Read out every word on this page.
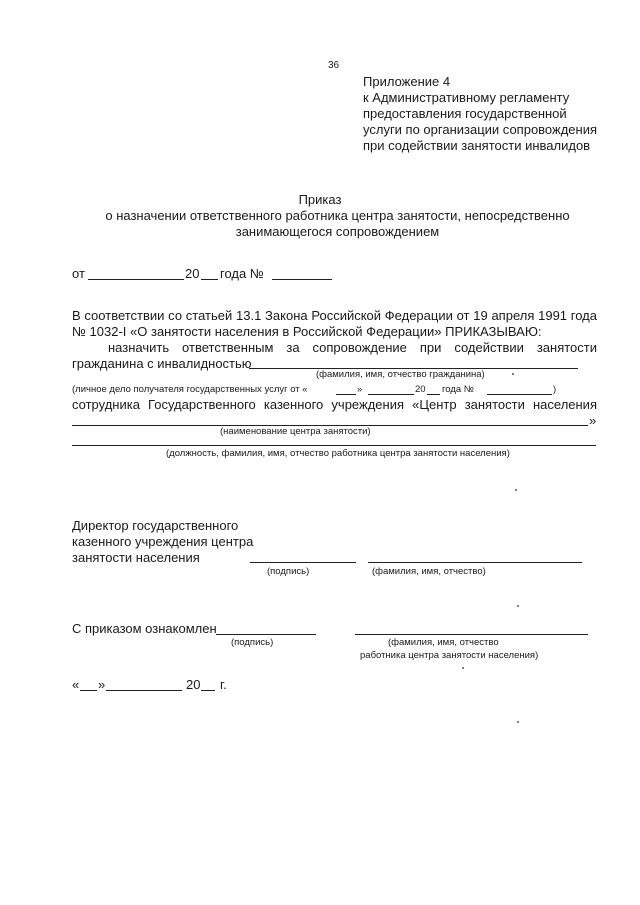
36
Приложение 4
к Административному регламенту
предоставления государственной
услуги по организации сопровождения
при содействии занятости инвалидов
Приказ
о назначении ответственного работника центра занятости, непосредственно
занимающегося сопровождением
от	20 года №
В соответствии со статьей 13.1 Закона Российской Федерации от 19 апреля 1991 года
№ 1032-I «О занятости населения в Российской Федерации» ПРИКАЗЫВАЮ:
назначить ответственным за сопровождение при содействии занятости
гражданина с инвалидностью
(фамилия, имя, отчество гражданина)
(личное дело получателя государственных услуг от «	»	20 года №	)
сотрудника Государственного казенного учреждения «Центр занятости населения
»
(наименование центра занятости)
(должность, фамилия, имя, отчество работника центра занятости населения)
Директор государственного
казенного учреждения центра
занятости населения
(подпись)	(фамилия, имя, отчество)
С приказом ознакомлен
(подпись)	(фамилия, имя, отчество
работника центра занятости населения)
« »	20 г.
